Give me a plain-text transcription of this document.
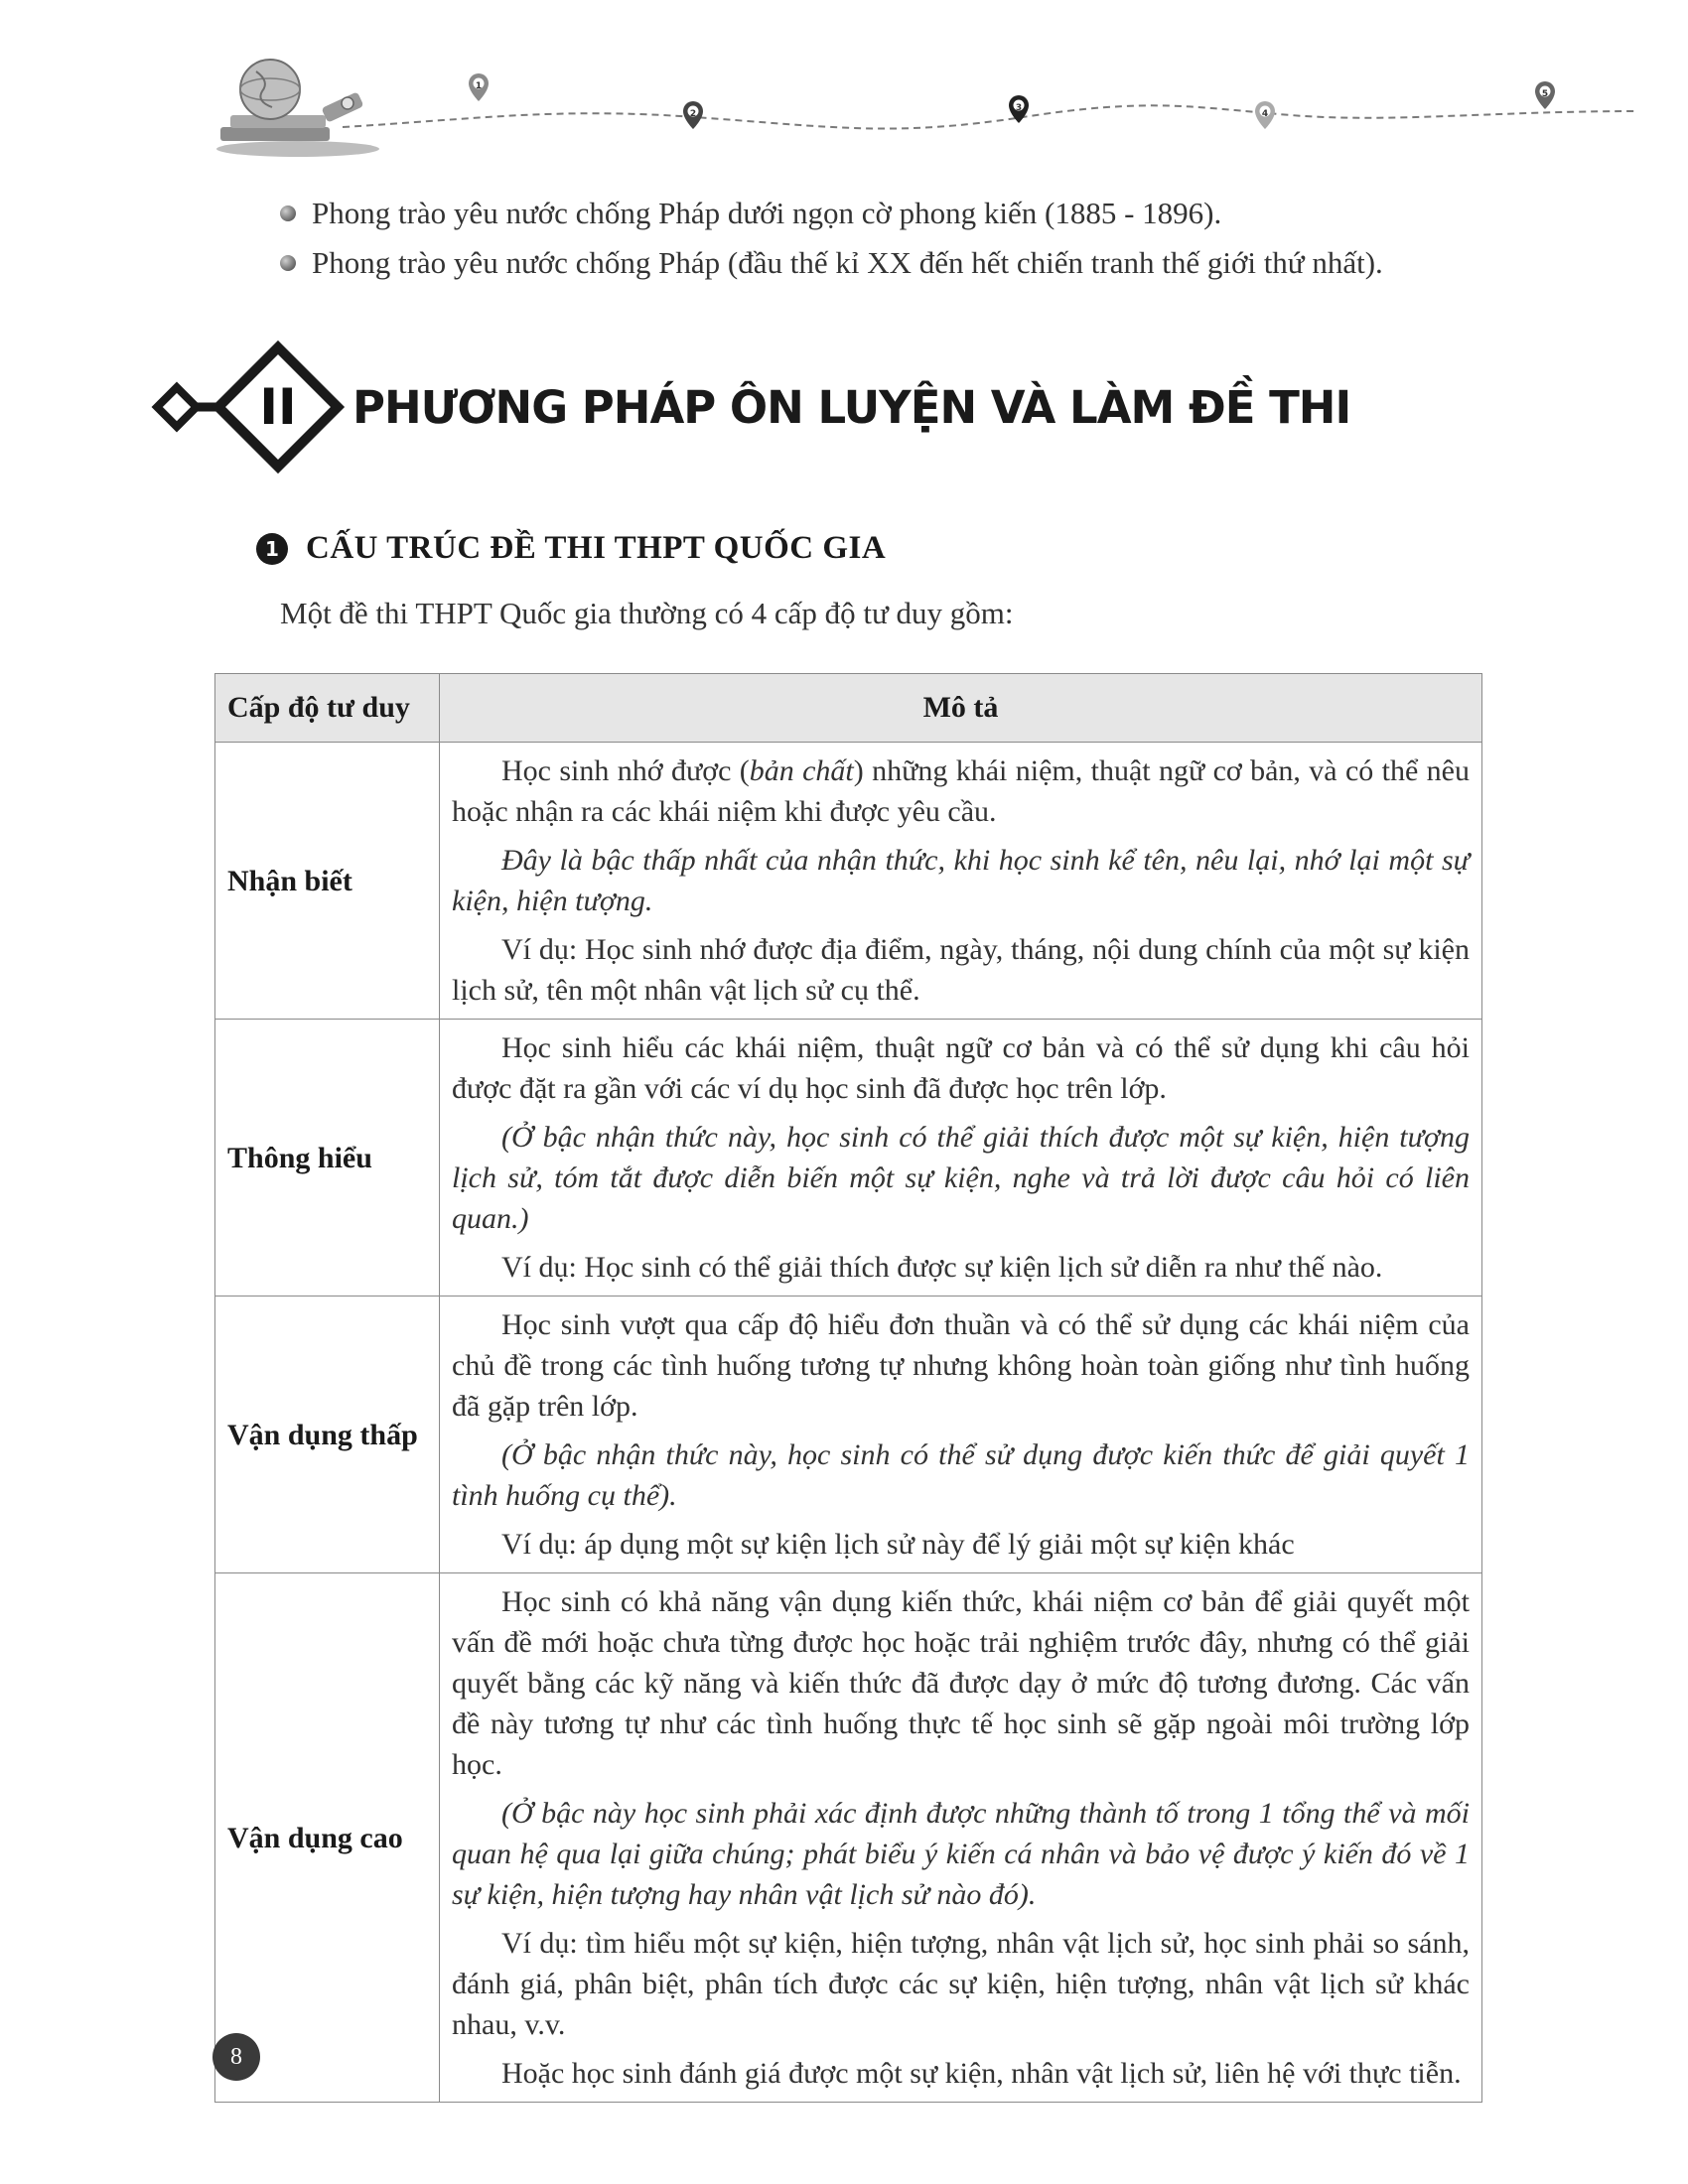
1
2
3
4
5
Phong trào yêu nước chống Pháp dưới ngọn cờ phong kiến (1885 - 1896).
Phong trào yêu nước chống Pháp (đầu thế kỉ XX đến hết chiến tranh thế giới thứ nhất).
II	PHƯƠNG PHÁP ÔN LUYỆN VÀ LÀM ĐỀ THI
1 CẤU TRÚC ĐỀ THI THPT QUỐC GIA
Một đề thi THPT Quốc gia thường có 4 cấp độ tư duy gồm:
Cấp độ tư duy	Mô tả
Nhận biết	Học sinh nhớ được (bản chất) những khái niệm, thuật ngữ cơ bản, và có thể nêu hoặc nhận ra các khái niệm khi được yêu cầu.

Đây là bậc thấp nhất của nhận thức, khi học sinh kể tên, nêu lại, nhớ lại một sự kiện, hiện tượng.

Ví dụ: Học sinh nhớ được địa điểm, ngày, tháng, nội dung chính của một sự kiện lịch sử, tên một nhân vật lịch sử cụ thể.

Thông hiểu	Học sinh hiểu các khái niệm, thuật ngữ cơ bản và có thể sử dụng khi câu hỏi được đặt ra gần với các ví dụ học sinh đã được học trên lớp.

(Ở bậc nhận thức này, học sinh có thể giải thích được một sự kiện, hiện tượng lịch sử, tóm tắt được diễn biến một sự kiện, nghe và trả lời được câu hỏi có liên quan.)

Ví dụ: Học sinh có thể giải thích được sự kiện lịch sử diễn ra như thế nào.

Vận dụng thấp	Học sinh vượt qua cấp độ hiểu đơn thuần và có thể sử dụng các khái niệm của chủ đề trong các tình huống tương tự nhưng không hoàn toàn giống như tình huống đã gặp trên lớp.

(Ở bậc nhận thức này, học sinh có thể sử dụng được kiến thức để giải quyết 1 tình huống cụ thể).

Ví dụ: áp dụng một sự kiện lịch sử này để lý giải một sự kiện khác

Vận dụng cao	Học sinh có khả năng vận dụng kiến thức, khái niệm cơ bản để giải quyết một vấn đề mới hoặc chưa từng được học hoặc trải nghiệm trước đây, nhưng có thể giải quyết bằng các kỹ năng và kiến thức đã được dạy ở mức độ tương đương. Các vấn đề này tương tự như các tình huống thực tế học sinh sẽ gặp ngoài môi trường lớp học.

(Ở bậc này học sinh phải xác định được những thành tố trong 1 tổng thể và mối quan hệ qua lại giữa chúng; phát biểu ý kiến cá nhân và bảo vệ được ý kiến đó về 1 sự kiện, hiện tượng hay nhân vật lịch sử nào đó).

Ví dụ: tìm hiểu một sự kiện, hiện tượng, nhân vật lịch sử, học sinh phải so sánh, đánh giá, phân biệt, phân tích được các sự kiện, hiện tượng, nhân vật lịch sử khác nhau, v.v.

Hoặc học sinh đánh giá được một sự kiện, nhân vật lịch sử, liên hệ với thực tiễn.

8
